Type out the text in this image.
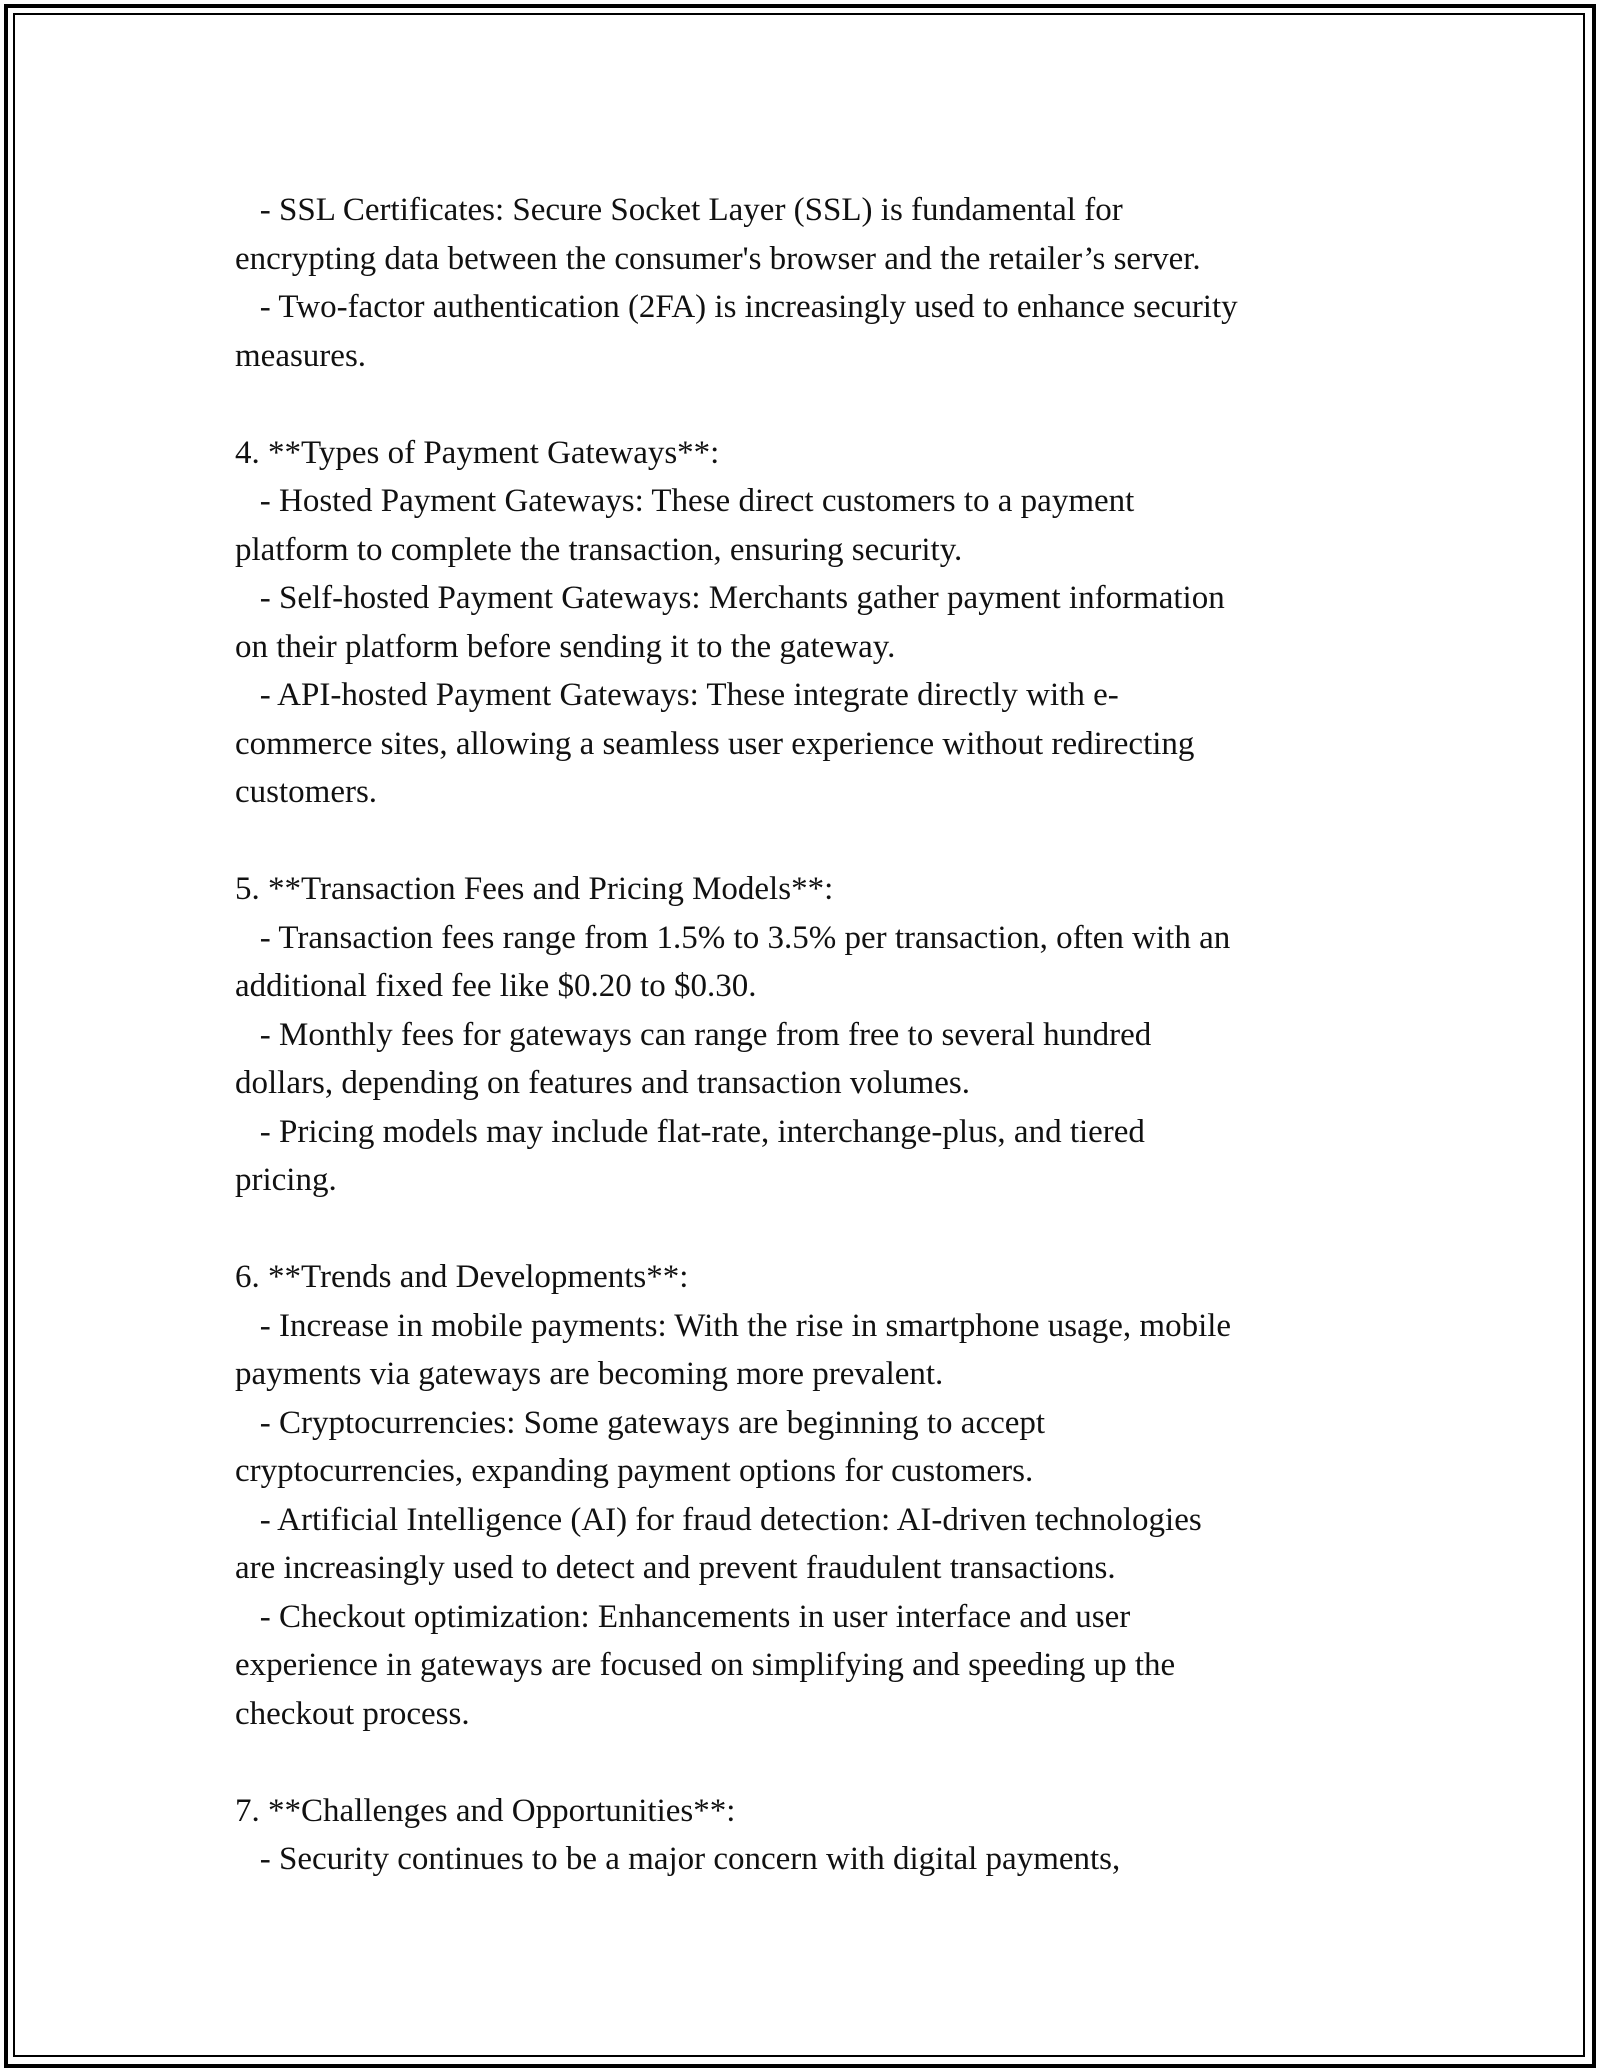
- SSL Certificates: Secure Socket Layer (SSL) is fundamental for

encrypting data between the consumer's browser and the retailer’s server.

- Two-factor authentication (2FA) is increasingly used to enhance security

measures.

4. **Types of Payment Gateways**:

- Hosted Payment Gateways: These direct customers to a payment

platform to complete the transaction, ensuring security.

- Self-hosted Payment Gateways: Merchants gather payment information

on their platform before sending it to the gateway.

- API-hosted Payment Gateways: These integrate directly with e-

commerce sites, allowing a seamless user experience without redirecting

customers.

5. **Transaction Fees and Pricing Models**:

- Transaction fees range from 1.5% to 3.5% per transaction, often with an

additional fixed fee like $0.20 to $0.30.

- Monthly fees for gateways can range from free to several hundred

dollars, depending on features and transaction volumes.

- Pricing models may include flat-rate, interchange-plus, and tiered

pricing.

6. **Trends and Developments**:

- Increase in mobile payments: With the rise in smartphone usage, mobile

payments via gateways are becoming more prevalent.

- Cryptocurrencies: Some gateways are beginning to accept

cryptocurrencies, expanding payment options for customers.

- Artificial Intelligence (AI) for fraud detection: AI-driven technologies

are increasingly used to detect and prevent fraudulent transactions.

- Checkout optimization: Enhancements in user interface and user

experience in gateways are focused on simplifying and speeding up the

checkout process.

7. **Challenges and Opportunities**:

- Security continues to be a major concern with digital payments,
